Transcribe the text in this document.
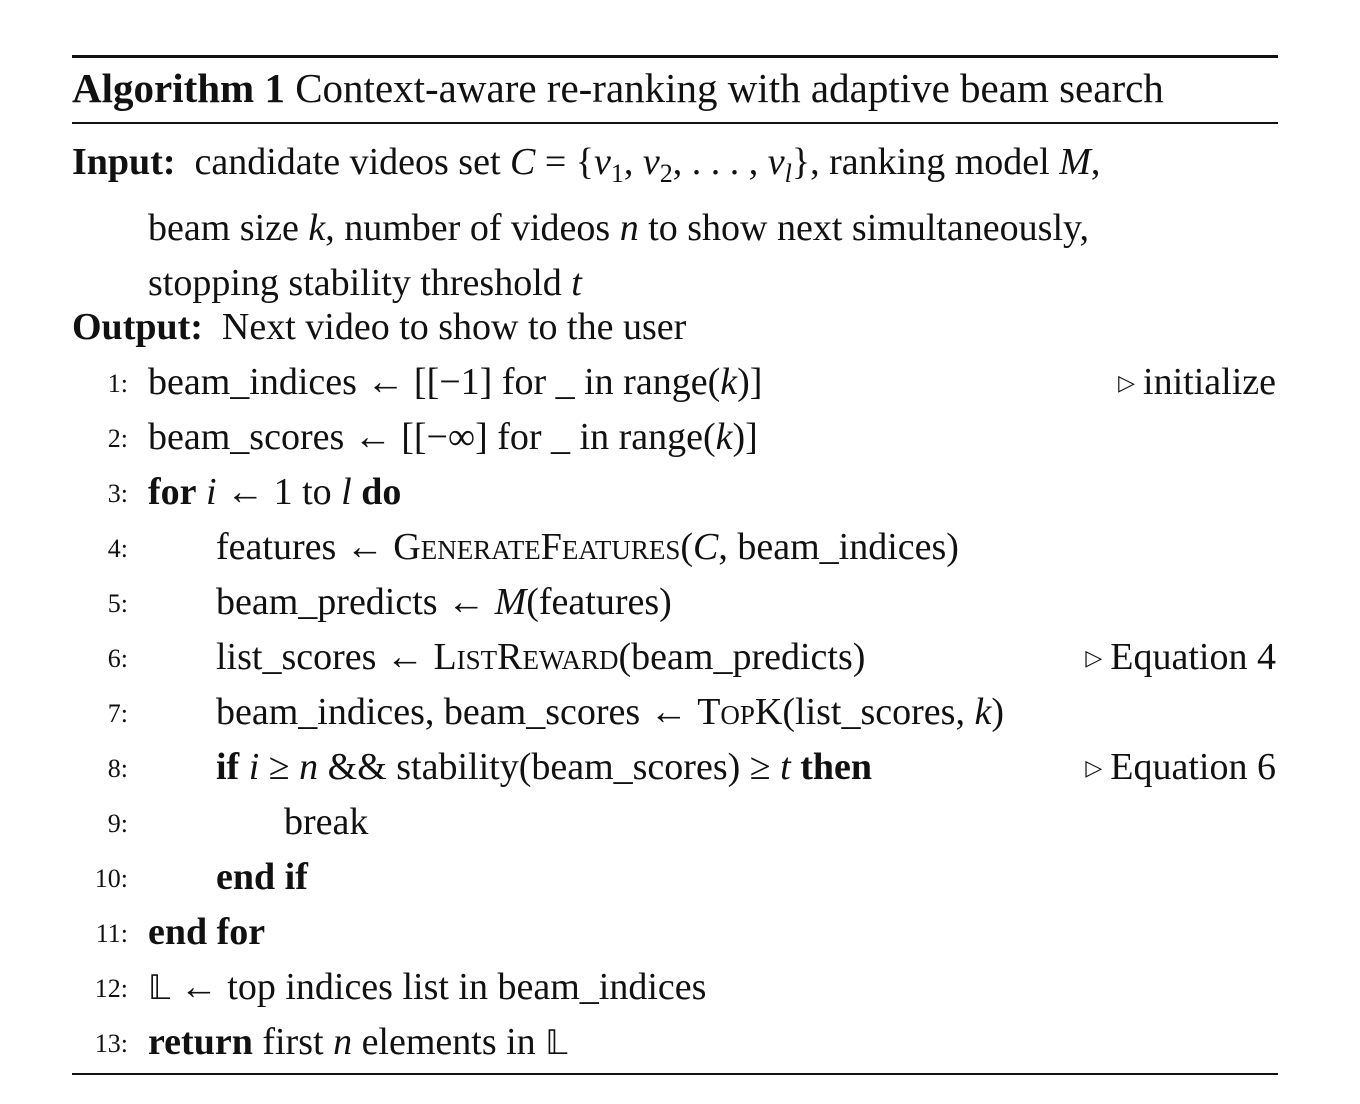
Algorithm 1 Context-aware re-ranking with adaptive beam search
Input: candidate videos set $C = \{v_1$, $v_2$, . . . , $v_l$}, ranking model M,
beam size k, number of videos n to show next simultaneously,
stopping stability threshold t
Output: Next video to show to the user
1: beam_indices ← [[−1] for _ in range(k)]	▷ initialize
2: beam_scores ← [[−∞] for _ in range(k)]
3: for i ← 1 to l do
4: features ← GenerateFeatures(C, beam_indices)
5: beam_predicts ← M(features)
6: list_scores ← ListReward(beam_predicts)	▷ Equation 4
7: beam_indices, beam_scores ← TopK(list_scores, k)
8: if i ≥ n && stability(beam_scores) ≥ t then	▷ Equation 6
9:	break
10: end if
11: end for
12: 𝕃 ← top indices list in beam_indices
13: return first n elements in 𝕃
